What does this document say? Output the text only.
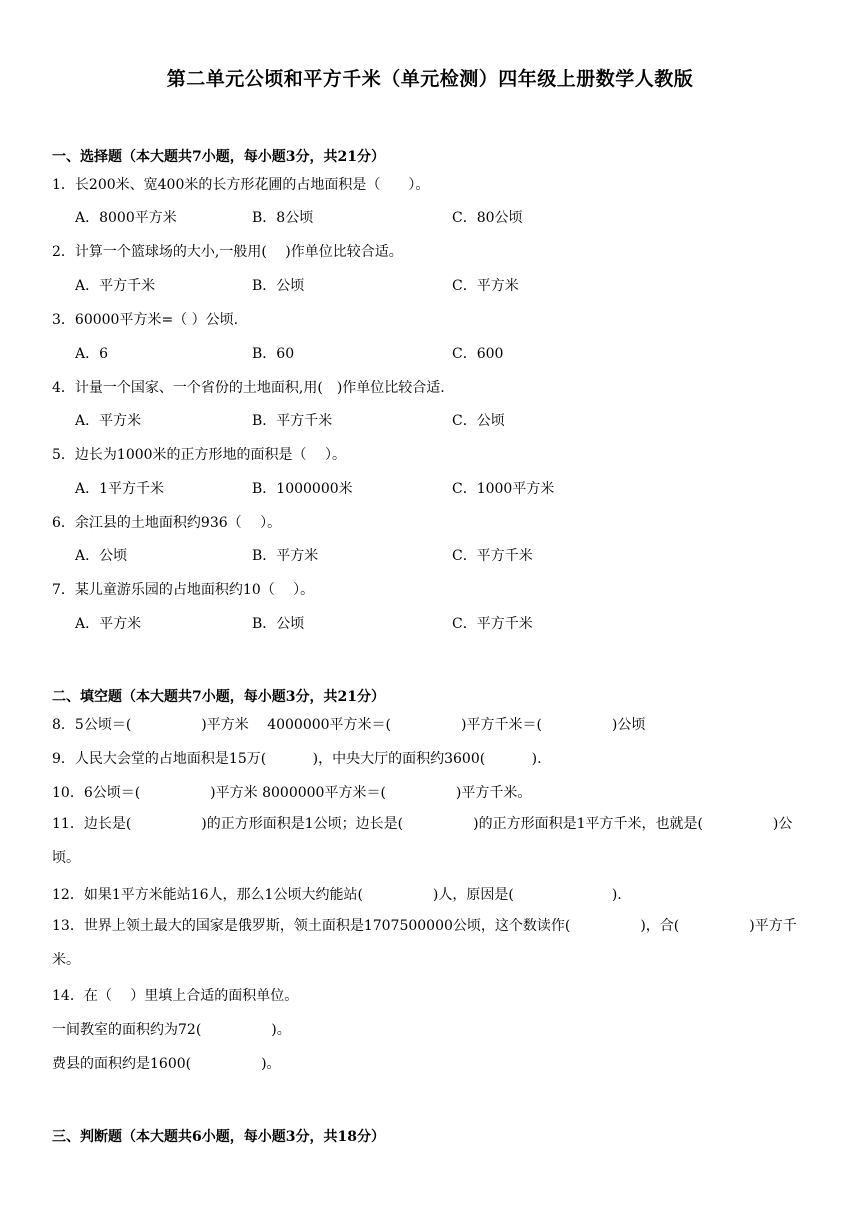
第二单元公顷和平方千米（单元检测）四年级上册数学人教版
一、选择题（本大题共7小题，每小题3分，共21分）
1．长200米、宽400米的长方形花圃的占地面积是（　　）。
A．8000平方米	B．8公顷	C．80公顷
2．计算一个篮球场的大小,一般用(　 )作单位比较合适。
A．平方千米	B．公顷	C．平方米
3．60000平方米=（ ）公顷.
A．6	B．60	C．600
4．计量一个国家、一个省份的土地面积,用(　)作单位比较合适.
A．平方米	B．平方千米	C．公顷
5．边长为1000米的正方形地的面积是（　 ）。
A．1平方千米	B．1000000米	C．1000平方米
6．余江县的土地面积约936（　 ）。
A．公顷	B．平方米	C．平方千米
7．某儿童游乐园的占地面积约10（　 ）。
A．平方米	B．公顷	C．平方千米
二、填空题（本大题共7小题，每小题3分，共21分）
8．5公顷＝(　　　　　)平方米　 4000000平方米＝(　　　　　)平方千米＝(　　　　　)公顷
9．人民大会堂的占地面积是15万(　　　 )，中央大厅的面积约3600(　　　 ).
10．6公顷＝(　　　　　)平方米 8000000平方米＝(　　　　　)平方千米。
11．边长是(　　　　　)的正方形面积是1公顷；边长是(　　　　　)的正方形面积是1平方千米，也就是(　　　　　)公顷。
12．如果1平方米能站16人，那么1公顷大约能站(　　　　　)人，原因是(　　　　　　　).
13．世界上领土最大的国家是俄罗斯，领土面积是1707500000公顷，这个数读作(　　　　　)，合(　　　　　)平方千米。
14．在（　 ）里填上合适的面积单位。
一间教室的面积约为72(　　　　　)。
费县的面积约是1600(　　　　　)。
三、判断题（本大题共6小题，每小题3分，共18分）
